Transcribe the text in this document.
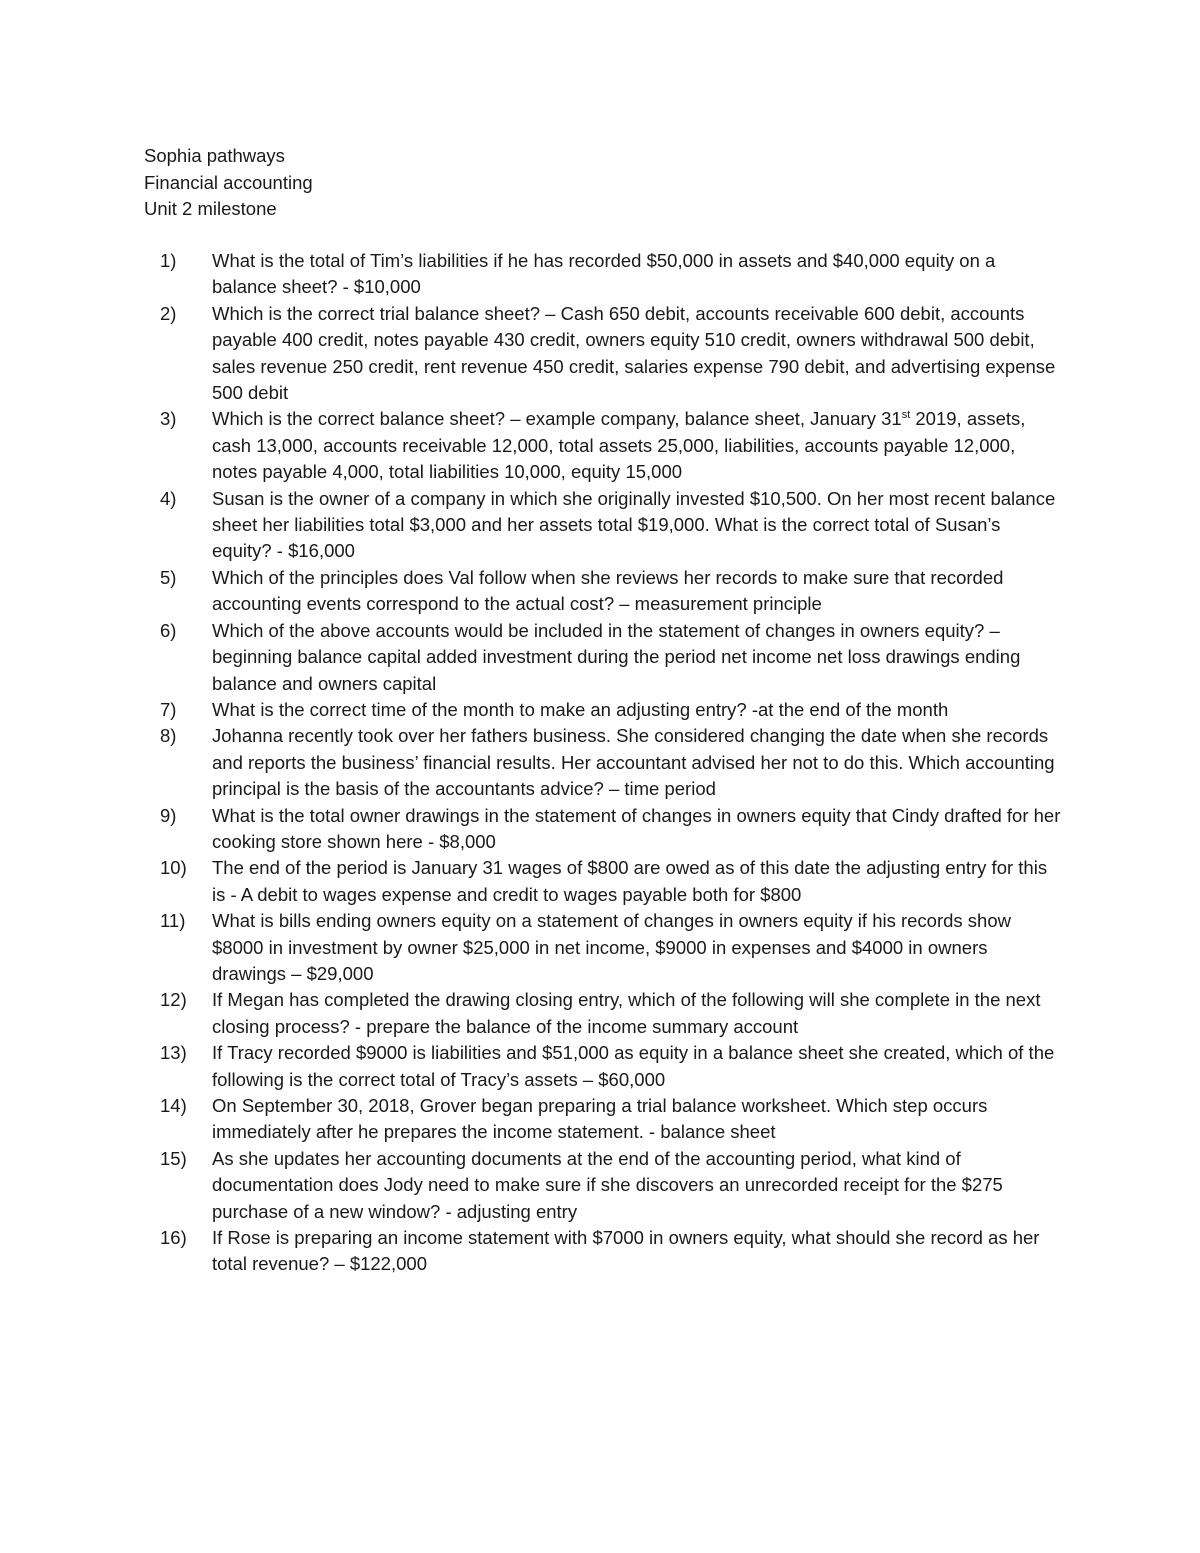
Sophia pathways
Financial accounting
Unit 2 milestone
1)	What is the total of Tim’s liabilities if he has recorded $50,000 in assets and $40,000 equity on a balance sheet? - $10,000
2)	Which is the correct trial balance sheet? – Cash 650 debit, accounts receivable 600 debit, accounts payable 400 credit, notes payable 430 credit, owners equity 510 credit, owners withdrawal 500 debit, sales revenue 250 credit, rent revenue 450 credit, salaries expense 790 debit, and advertising expense 500 debit
3)	Which is the correct balance sheet? – example company, balance sheet, January 31st 2019, assets, cash 13,000, accounts receivable 12,000, total assets 25,000, liabilities, accounts payable 12,000, notes payable 4,000, total liabilities 10,000, equity 15,000
4)	Susan is the owner of a company in which she originally invested $10,500. On her most recent balance sheet her liabilities total $3,000 and her assets total $19,000. What is the correct total of Susan’s equity? - $16,000
5)	Which of the principles does Val follow when she reviews her records to make sure that recorded accounting events correspond to the actual cost? – measurement principle
6)	Which of the above accounts would be included in the statement of changes in owners equity? – beginning balance capital added investment during the period net income net loss drawings ending balance and owners capital
7)	What is the correct time of the month to make an adjusting entry? -at the end of the month
8)	Johanna recently took over her fathers business. She considered changing the date when she records and reports the business’ financial results. Her accountant advised her not to do this. Which accounting principal is the basis of the accountants advice? – time period
9)	What is the total owner drawings in the statement of changes in owners equity that Cindy drafted for her cooking store shown here - $8,000
10)	The end of the period is January 31 wages of $800 are owed as of this date the adjusting entry for this is - A debit to wages expense and credit to wages payable both for $800
11)	What is bills ending owners equity on a statement of changes in owners equity if his records show $8000 in investment by owner $25,000 in net income, $9000 in expenses and $4000 in owners drawings – $29,000
12)	If Megan has completed the drawing closing entry, which of the following will she complete in the next closing process? - prepare the balance of the income summary account
13)	If Tracy recorded $9000 is liabilities and $51,000 as equity in a balance sheet she created, which of the following is the correct total of Tracy’s assets – $60,000
14)	On September 30, 2018, Grover began preparing a trial balance worksheet. Which step occurs immediately after he prepares the income statement. - balance sheet
15)	As she updates her accounting documents at the end of the accounting period, what kind of documentation does Jody need to make sure if she discovers an unrecorded receipt for the $275 purchase of a new window? - adjusting entry
16)	If Rose is preparing an income statement with $7000 in owners equity, what should she record as her total revenue? – $122,000
